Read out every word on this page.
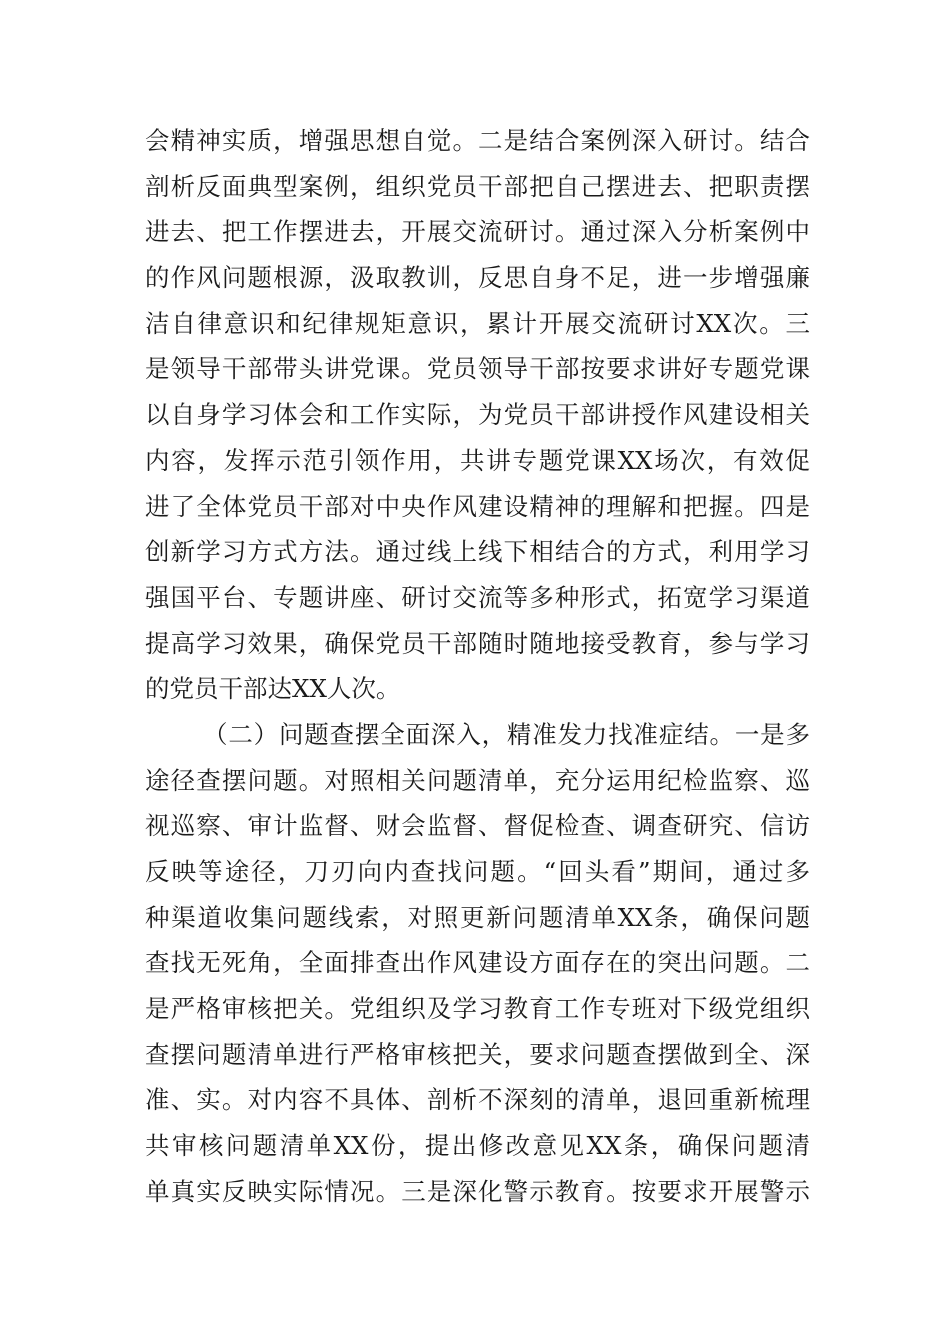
会精神实质，增强思想自觉。二是结合案例深入研讨。结合
剖析反面典型案例，组织党员干部把自己摆进去、把职责摆
进去、把工作摆进去，开展交流研讨。通过深入分析案例中
的作风问题根源，汲取教训，反思自身不足，进一步增强廉
洁自律意识和纪律规矩意识，累计开展交流研讨XX次。三
是领导干部带头讲党课。党员领导干部按要求讲好专题党课
以自身学习体会和工作实际，为党员干部讲授作风建设相关
内容，发挥示范引领作用，共讲专题党课XX场次，有效促
进了全体党员干部对中央作风建设精神的理解和把握。四是
创新学习方式方法。通过线上线下相结合的方式，利用学习
强国平台、专题讲座、研讨交流等多种形式，拓宽学习渠道
提高学习效果，确保党员干部随时随地接受教育，参与学习
的党员干部达XX人次。
（二）问题查摆全面深入，精准发力找准症结。一是多
途径查摆问题。对照相关问题清单，充分运用纪检监察、巡
视巡察、审计监督、财会监督、督促检查、调查研究、信访
反映等途径，刀刃向内查找问题。“回头看”期间，通过多
种渠道收集问题线索，对照更新问题清单XX条，确保问题
查找无死角，全面排查出作风建设方面存在的突出问题。二
是严格审核把关。党组织及学习教育工作专班对下级党组织
查摆问题清单进行严格审核把关，要求问题查摆做到全、深
准、实。对内容不具体、剖析不深刻的清单，退回重新梳理
共审核问题清单XX份，提出修改意见XX条，确保问题清
单真实反映实际情况。三是深化警示教育。按要求开展警示
